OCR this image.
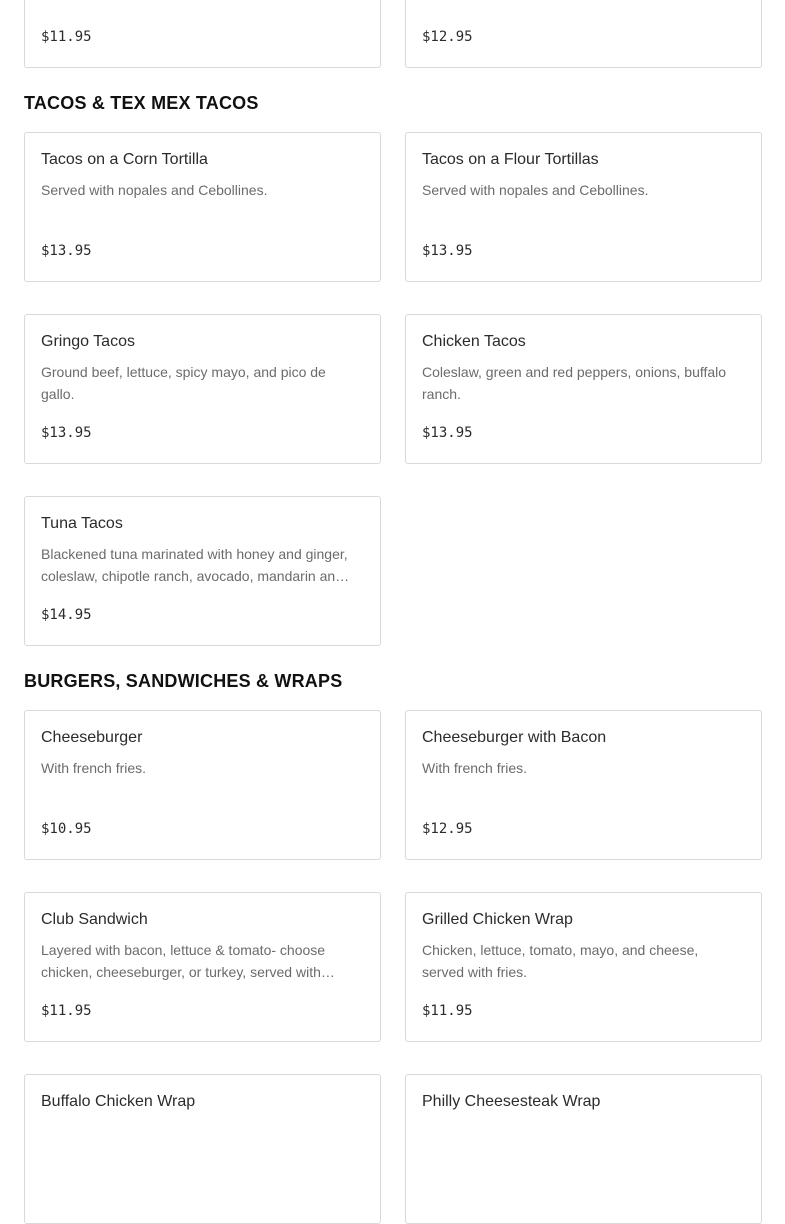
$11.95	$12.95
TACOS & TEX MEX TACOS
Tacos on a Corn Tortilla
Served with nopales and Cebollines.
$13.95
Tacos on a Flour Tortillas
Served with nopales and Cebollines.
$13.95
Gringo Tacos
Ground beef, lettuce, spicy mayo, and pico de gallo.
$13.95
Chicken Tacos
Coleslaw, green and red peppers, onions, buffalo ranch.
$13.95
Tuna Tacos
Blackened tuna marinated with honey and ginger, coleslaw, chipotle ranch, avocado, mandarin an…
$14.95
BURGERS, SANDWICHES & WRAPS
Cheeseburger
With french fries.
$10.95
Cheeseburger with Bacon
With french fries.
$12.95
Club Sandwich
Layered with bacon, lettuce & tomato- choose chicken, cheeseburger, or turkey, served with…
$11.95
Grilled Chicken Wrap
Chicken, lettuce, tomato, mayo, and cheese, served with fries.
$11.95
Buffalo Chicken Wrap	Philly Cheesesteak Wrap
